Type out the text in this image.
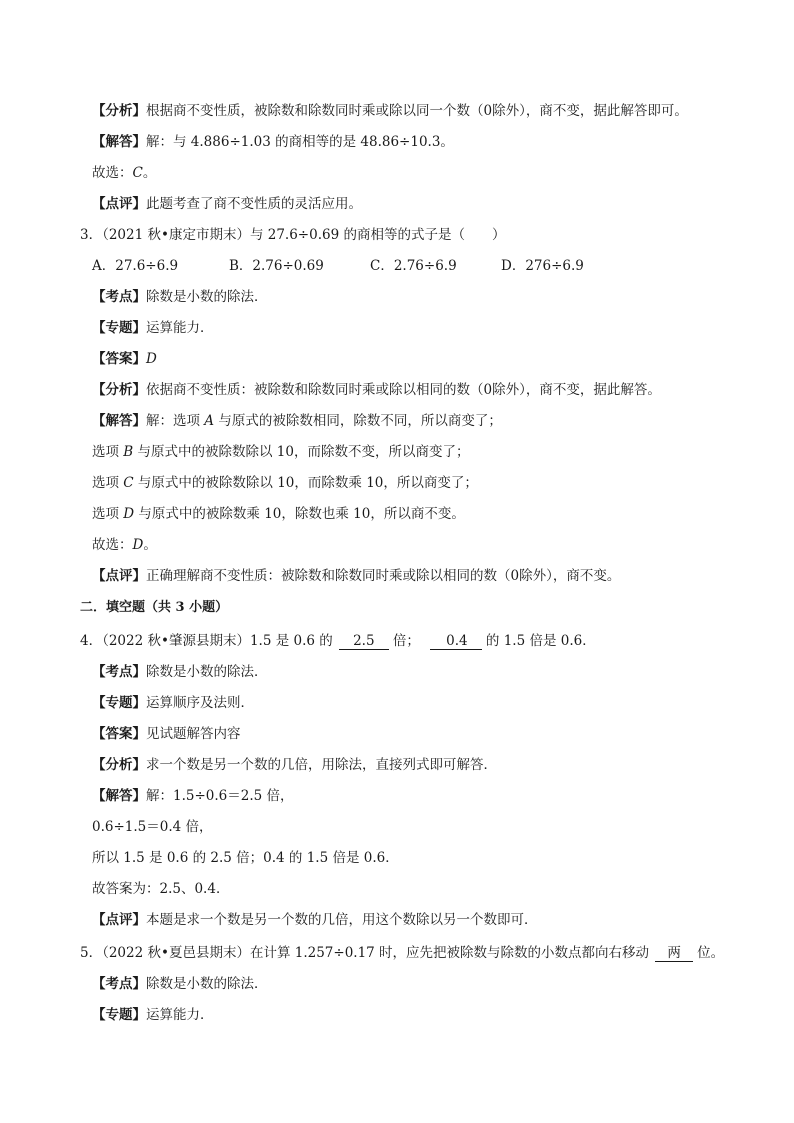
【分析】根据商不变性质，被除数和除数同时乘或除以同一个数（0除外），商不变，据此解答即可。
【解答】解：与 4.886÷1.03 的商相等的是 48.86÷10.3。
故选：C。
【点评】此题考查了商不变性质的灵活应用。
3．（2021 秋•康定市期末）与 27.6÷0.69 的商相等的式子是（　　）
A．27.6÷6.9	B．2.76÷0.69	C．2.76÷6.9	D．276÷6.9
【考点】除数是小数的除法．
【专题】运算能力．
【答案】D
【分析】依据商不变性质：被除数和除数同时乘或除以相同的数（0除外），商不变，据此解答。
【解答】解：选项 A 与原式的被除数相同，除数不同，所以商变了；
选项 B 与原式中的被除数除以 10，而除数不变，所以商变了；
选项 C 与原式中的被除数除以 10，而除数乘 10，所以商变了；
选项 D 与原式中的被除数乘 10，除数也乘 10，所以商不变。
故选：D。
【点评】正确理解商不变性质：被除数和除数同时乘或除以相同的数（0除外），商不变。
二．填空题（共 3 小题）
4．（2022 秋•肇源县期末）1.5 是 0.6 的 2.5 倍； 0.4 的 1.5 倍是 0.6．
【考点】除数是小数的除法．
【专题】运算顺序及法则．
【答案】见试题解答内容
【分析】求一个数是另一个数的几倍，用除法，直接列式即可解答．
【解答】解：1.5÷0.6＝2.5 倍，
0.6÷1.5＝0.4 倍，
所以 1.5 是 0.6 的 2.5 倍；0.4 的 1.5 倍是 0.6．
故答案为：2.5、0.4．
【点评】本题是求一个数是另一个数的几倍，用这个数除以另一个数即可．
5．（2022 秋•夏邑县期末）在计算 1.257÷0.17 时，应先把被除数与除数的小数点都向右移动 两 位。
【考点】除数是小数的除法．
【专题】运算能力．
